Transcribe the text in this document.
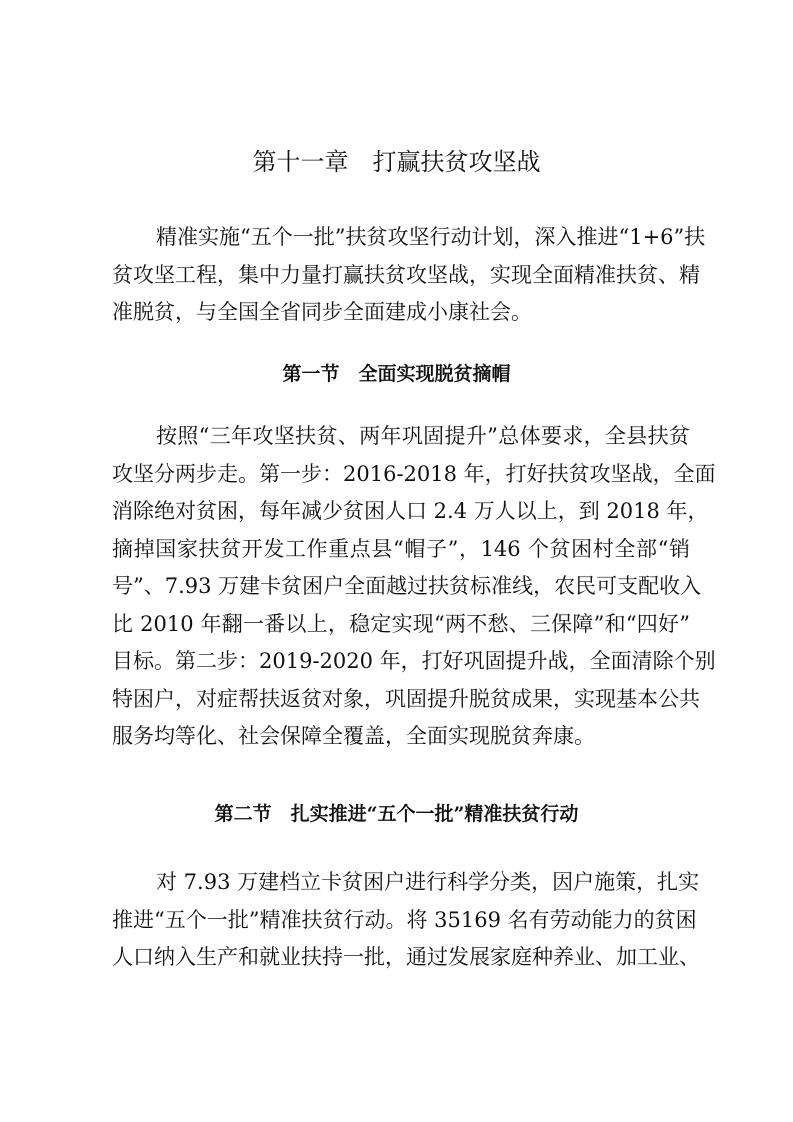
第十一章　打赢扶贫攻坚战
精准实施“五个一批”扶贫攻坚行动计划，深入推进“1+6”扶
贫攻坚工程，集中力量打赢扶贫攻坚战，实现全面精准扶贫、精
准脱贫，与全国全省同步全面建成小康社会。
第一节　全面实现脱贫摘帽
按照“三年攻坚扶贫、两年巩固提升”总体要求，全县扶贫
攻坚分两步走。第一步：2016-2018 年，打好扶贫攻坚战，全面
消除绝对贫困，每年减少贫困人口 2.4 万人以上，到 2018 年，
摘掉国家扶贫开发工作重点县“帽子”，146 个贫困村全部“销
号”、7.93 万建卡贫困户全面越过扶贫标准线，农民可支配收入
比 2010 年翻一番以上，稳定实现“两不愁、三保障”和“四好”
目标。第二步：2019-2020 年，打好巩固提升战，全面清除个别
特困户，对症帮扶返贫对象，巩固提升脱贫成果，实现基本公共
服务均等化、社会保障全覆盖，全面实现脱贫奔康。
第二节　扎实推进“五个一批”精准扶贫行动
对 7.93 万建档立卡贫困户进行科学分类，因户施策，扎实
推进“五个一批”精准扶贫行动。将 35169 名有劳动能力的贫困
人口纳入生产和就业扶持一批，通过发展家庭种养业、加工业、
